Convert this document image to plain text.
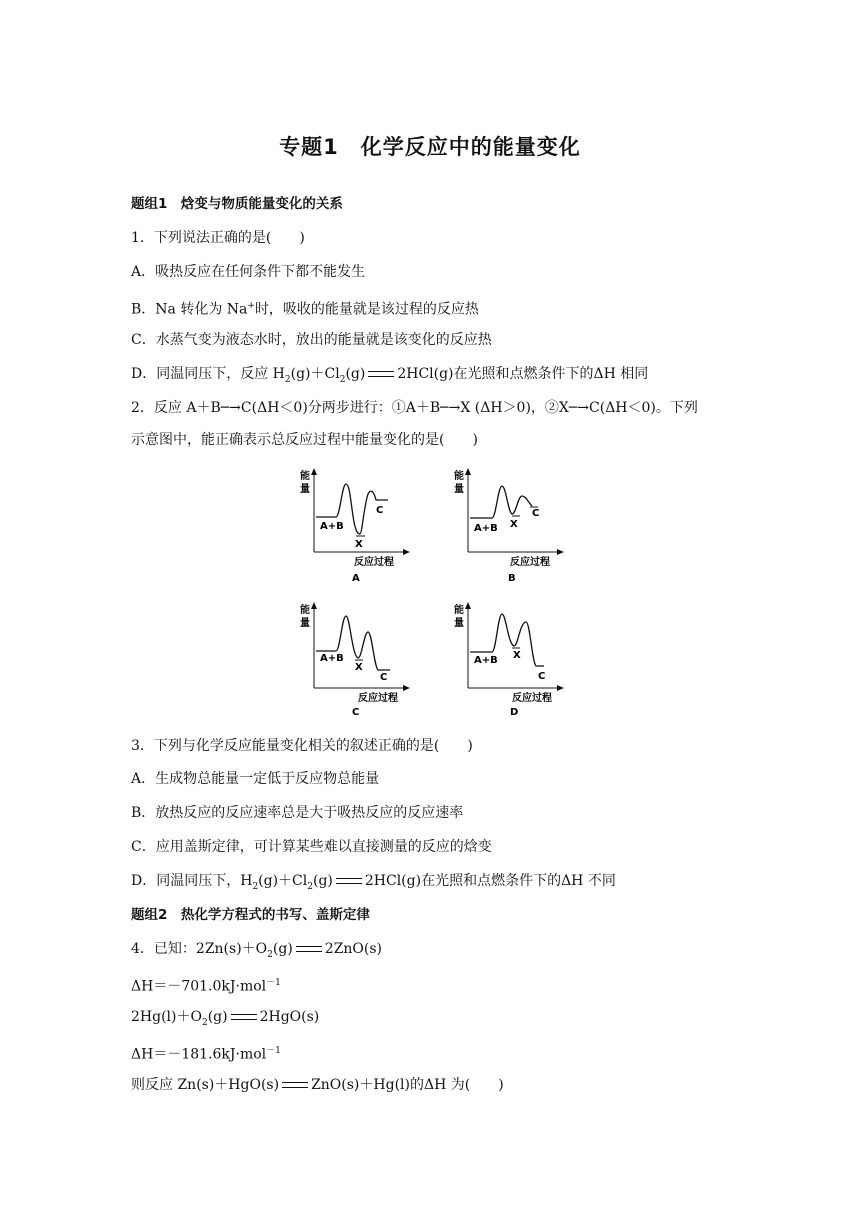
专题1　化学反应中的能量变化
题组1　焓变与物质能量变化的关系
1．下列说法正确的是(　　)
A．吸热反应在任何条件下都不能发生
B．Na 转化为 Na+时，吸收的能量就是该过程的反应热
C．水蒸气变为液态水时，放出的能量就是该变化的反应热
D．同温同压下，反应 $H_2(g)+Cl_2(g)$ 2HCl(g)在光照和点燃条件下的ΔH 相同
2．反应 A＋B─→C(ΔH＜0)分两步进行：①A＋B─→X (ΔH＞0)，②X─→C(ΔH＜0)。下列
示意图中，能正确表示总反应过程中能量变化的是(　　)
能
量
反应过程
A+B
X
C
A
能
量
反应过程
A+B X
C
B
能
量
反应过程
A+B
X
C
C
能
量
反应过程
A+B X
C
D
3．下列与化学反应能量变化相关的叙述正确的是(　　)
A．生成物总能量一定低于反应物总能量
B．放热反应的反应速率总是大于吸热反应的反应速率
C．应用盖斯定律，可计算某些难以直接测量的反应的焓变
D．同温同压下，$H_2(g)+Cl_2(g)$ 2HCl(g)在光照和点燃条件下的ΔH 不同
题组2　热化学方程式的书写、盖斯定律
4．已知：$2Zn(s)+O_2(g)$ 2ZnO(s)
ΔH＝－701.0kJ·mol$^{-1}$
$2Hg(l)+O_2(g)$ 2HgO(s)
ΔH＝－181.6kJ·mol$^{-1}$
则反应 Zn(s)＋HgO(s) ZnO(s)＋Hg(l)的ΔH 为(　　)
